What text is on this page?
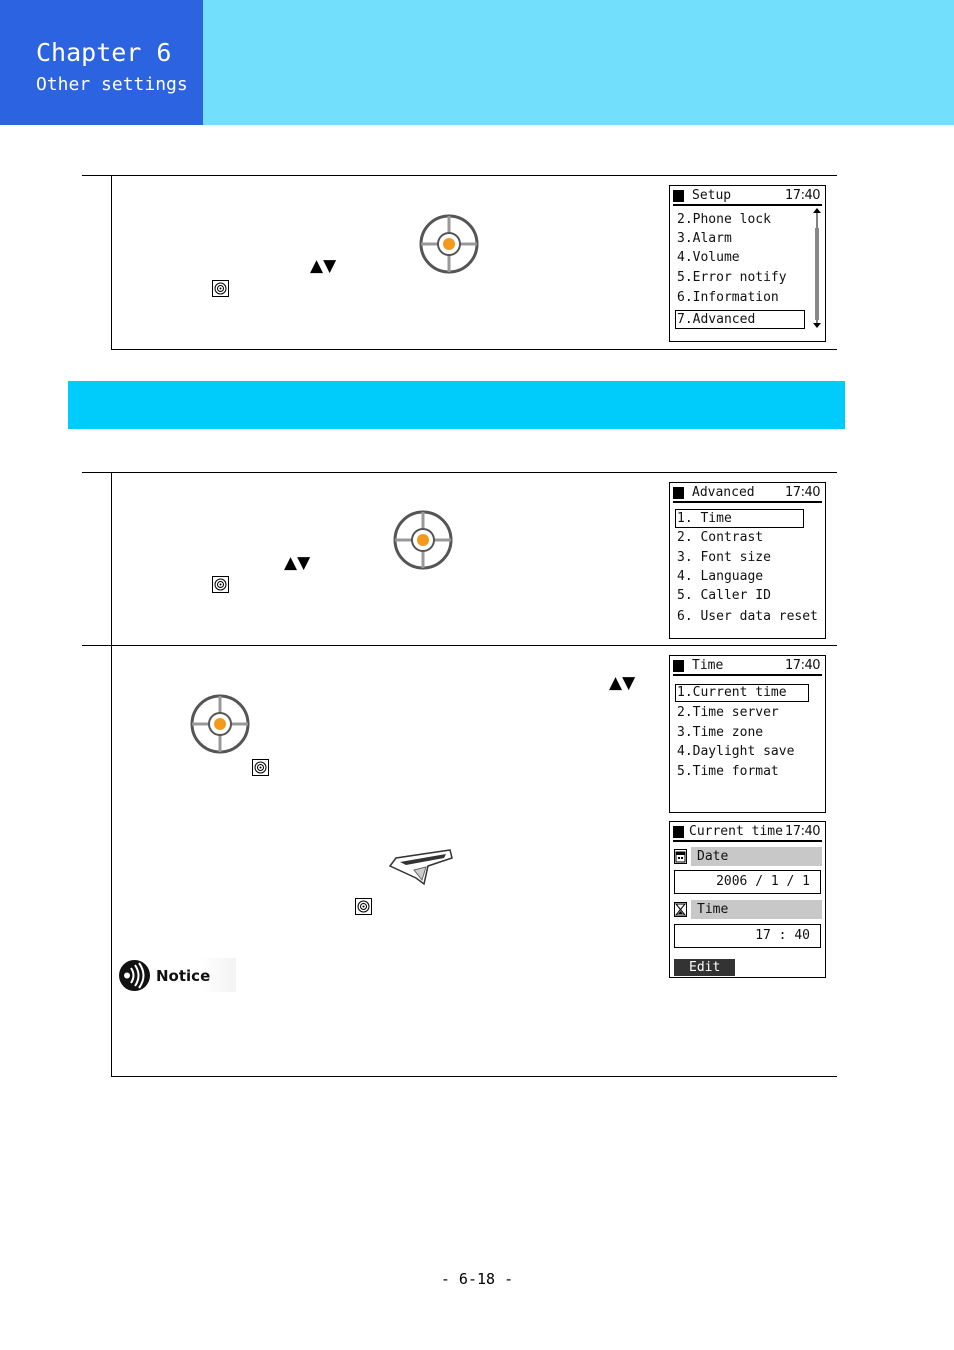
Chapter 6
Other settings
▲▼
Setup	17:40
2.Phone lock
3.Alarm
4.Volume
5.Error notify
6.Information
7.Advanced
▲▼
Advanced 17:40
1. Time
2. Contrast
3. Font size
4. Language
5. Caller ID
6. User data reset
▲▼
Notice
Time	17:40
1.Current time
2.Time server
3.Time zone
4.Daylight save
5.Time format
Current time 17:40
Date
2006 / 1 / 1
Time
17 : 40
Edit
- 6-18 -
